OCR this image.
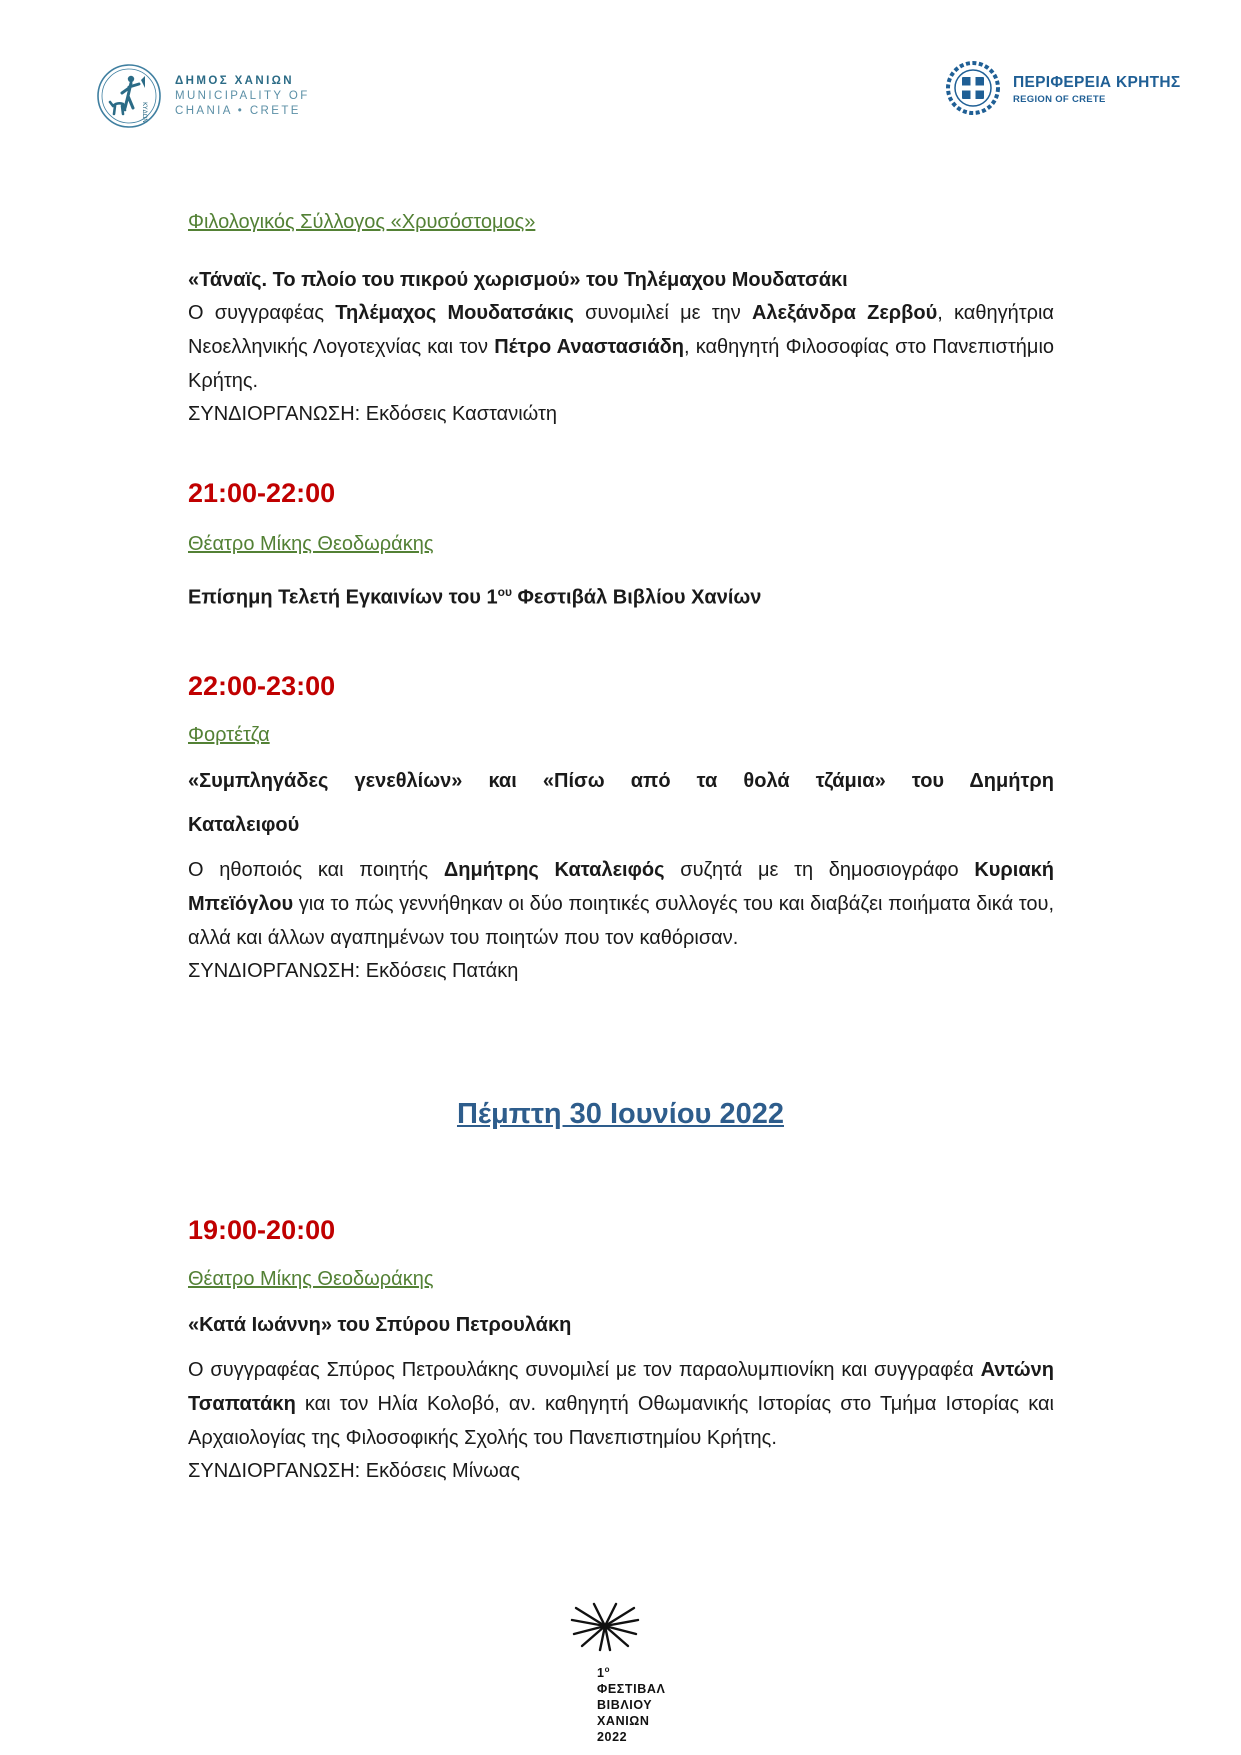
ΚΥΔΩΝ
ΔΗΜΟΣ ΧΑΝΙΩΝ
MUNICIPALITY OF
CHANIA • CRETE
ΠΕΡΙΦΕΡΕΙΑ ΚΡΗΤΗΣ
REGION OF CRETE
Φιλολογικός Σύλλογος «Χρυσόστομος»
«Τάναϊς. Το πλοίο του πικρού χωρισμού» του Τηλέμαχου Μουδατσάκι
Ο συγγραφέας Τηλέμαχος Μουδατσάκις συνομιλεί με την Αλεξάνδρα Ζερβού, καθηγήτρια Νεοελληνικής Λογοτεχνίας και τον Πέτρο Αναστασιάδη, καθηγητή Φιλοσοφίας στο Πανεπιστήμιο Κρήτης.
ΣΥΝΔΙΟΡΓΑΝΩΣΗ: Εκδόσεις Καστανιώτη
21:00-22:00
Θέατρο Μίκης Θεοδωράκης
Επίσημη Τελετή Εγκαινίων του $1^{o\upsilon}$ Φεστιβάλ Βιβλίου Χανίων
22:00-23:00
Φορτέτζα
«Συμπληγάδες γενεθλίων» και «Πίσω από τα θολά τζάμια» του Δημήτρη
Καταλειφού
Ο ηθοποιός και ποιητής Δημήτρης Καταλειφός συζητά με τη δημοσιογράφο Κυριακή Μπεϊόγλου για το πώς γεννήθηκαν οι δύο ποιητικές συλλογές του και διαβάζει ποιήματα δικά του, αλλά και άλλων αγαπημένων του ποιητών που τον καθόρισαν.
ΣΥΝΔΙΟΡΓΑΝΩΣΗ: Εκδόσεις Πατάκη
Πέμπτη 30 Ιουνίου 2022
19:00-20:00
Θέατρο Μίκης Θεοδωράκης
«Κατά Ιωάννη» του Σπύρου Πετρουλάκη
Ο συγγραφέας Σπύρος Πετρουλάκης συνομιλεί με τον παραολυμπιονίκη και συγγραφέα Αντώνη Τσαπατάκη και τον Ηλία Κολοβό, αν. καθηγητή Οθωμανικής Ιστορίας στο Τμήμα Ιστορίας και Αρχαιολογίας της Φιλοσοφικής Σχολής του Πανεπιστημίου Κρήτης.
ΣΥΝΔΙΟΡΓΑΝΩΣΗ: Εκδόσεις Μίνωας
$1^o$
ΦΕΣΤΙΒΑΛ
ΒΙΒΛΙΟΥ
ΧΑΝΙΩΝ
2022
